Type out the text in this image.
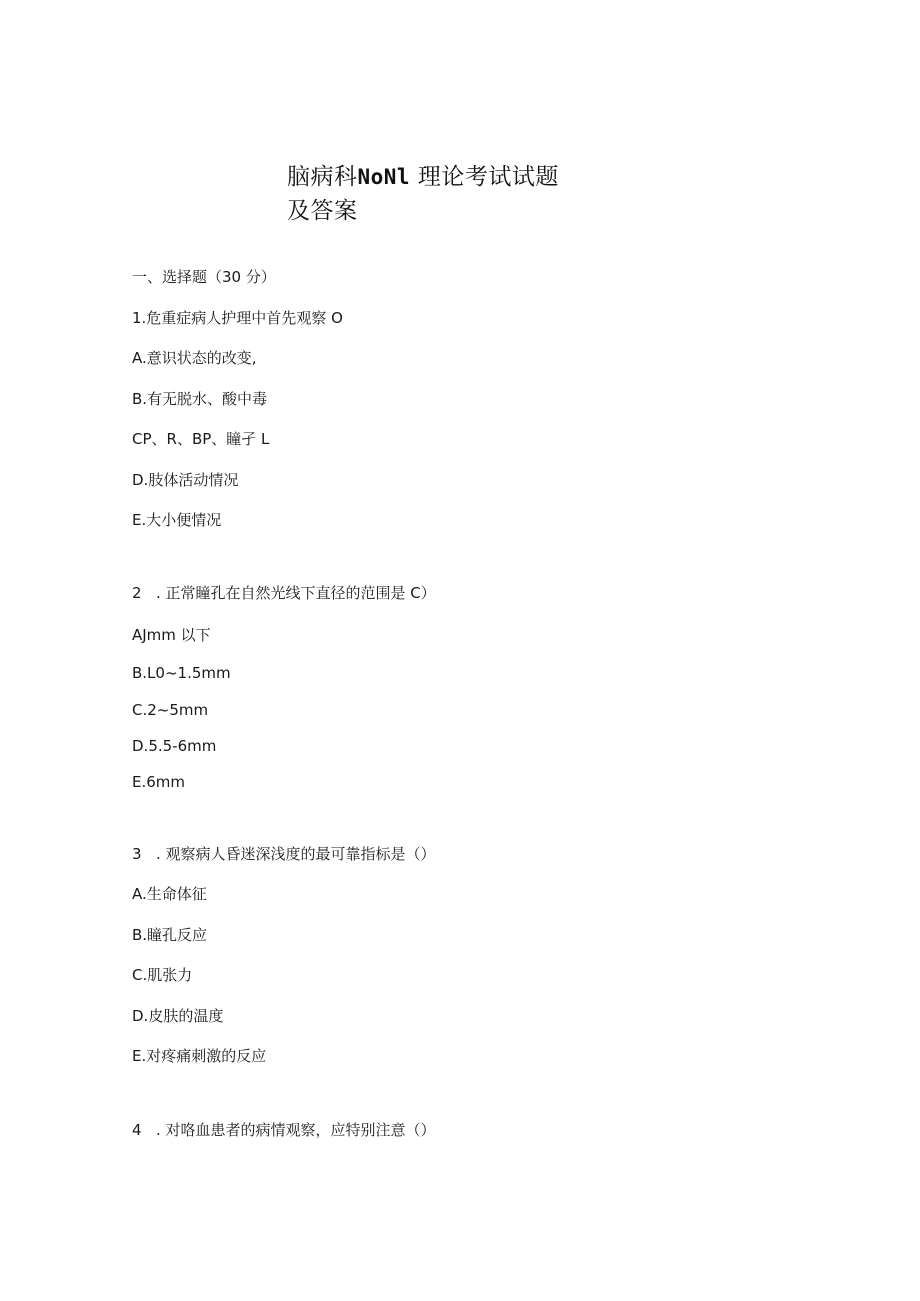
脑病科NoNl 理论考试试题
及答案
一、选择题（30 分）
1.危重症病人护理中首先观察 O
A.意识状态的改变,
B.有无脱水、酸中毒
CP、R、BP、瞳孑 L
D.肢体活动情况
E.大小便情况
2 . 正常瞳孔在自然光线下直径的范围是 C）
AJmm 以下
B.L0~1.5mm
C.2~5mm
D.5.5-6mm
E.6mm
3 . 观察病人昏迷深浅度的最可靠指标是（）
A.生命体征
B.瞳孔反应
C.肌张力
D.皮肤的温度
E.对疼痛刺激的反应
4 . 对咯血患者的病情观察，应特别注意（）
